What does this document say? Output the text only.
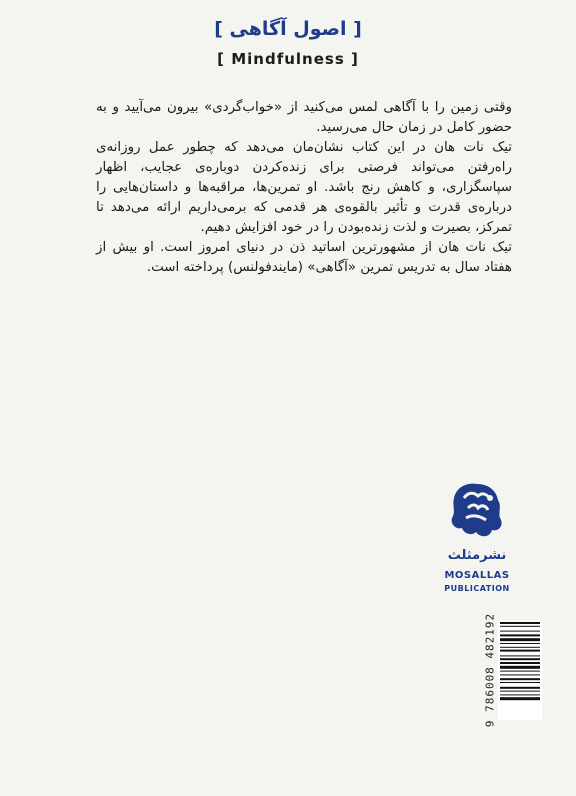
[ اصول آگاهی ]
[ Mindfulness ]

وقتی زمین را با آگاهی لمس می‌کنید از «خواب‌گردی» بیرون می‌آیید و به حضور کامل در زمان حال می‌رسید.

تیک نات هان در این کتاب نشان‌مان می‌دهد که چطور عمل روزانه‌ی راه‌رفتن می‌تواند فرصتی برای زنده‌کردن دوباره‌ی عجایب، اظهار سپاسگزاری، و کاهش رنج باشد. او تمرین‌ها، مراقبه‌ها و داستان‌هایی را درباره‌ی قدرت و تأثیر بالقوه‌ی هر قدمی که برمی‌داریم ارائه می‌دهد تا تمرکز، بصیرت و لذت زنده‌بودن را در خود افزایش دهیم.

تیک نات هان از مشهورترین اساتید ذن در دنیای امروز است. او بیش از هفتاد سال به تدریس تمرین «آگاهی» (مایندفولنس) پرداخته است.

نشرمثلث
MOSALLAS
PUBLICATION
9 786008 482192
